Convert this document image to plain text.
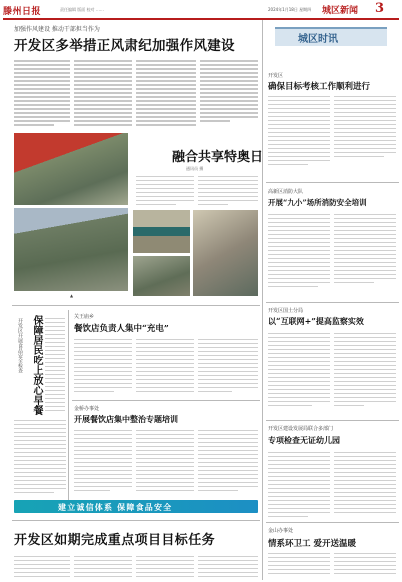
滕州日报	责任编辑 版面 校对 ……	2024年1月18日 星期四 城区新闻 3
加强作风建设 推动干部担当作为
开发区多举措正风肃纪加强作风建设	城区时讯
开发区
确保目标考核工作顺利进行
高新区消防大队
开展“九小”场所消防安全培训
开发区国土分局
以“互联网+”提高监察实效
开发区建设发展局联合多部门
专项检查无证幼儿园
金山办事处
情系环卫工 爱开送温暖
▲
融合共享特奥日
通讯员 摄
保障居民吃上放心早餐
开发区开展食品安全检查
关王庙乡
餐饮店负责人集中“充电”
金桥办事处
开展餐饮店集中整治专题培训
建立诚信体系 保障食品安全
开发区如期完成重点项目目标任务
